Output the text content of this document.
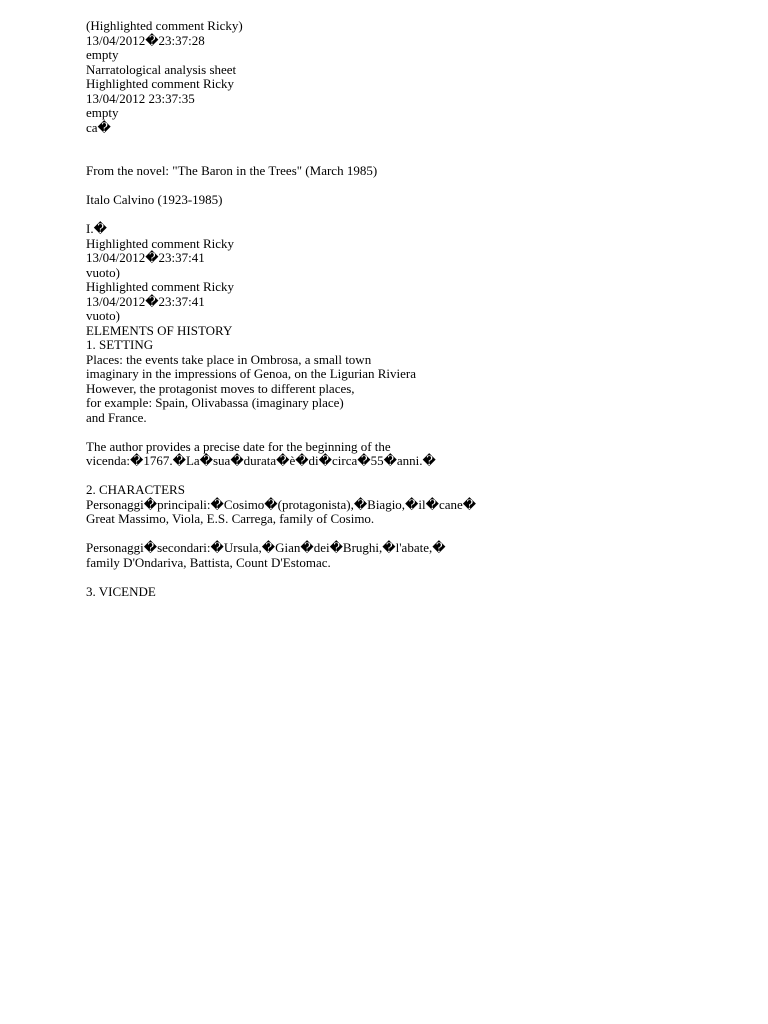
(Highlighted comment Ricky)
13/04/2012�23:37:28
empty
Narratological analysis sheet
Highlighted comment Ricky
13/04/2012 23:37:35
empty
ca�
From the novel: "The Baron in the Trees" (March 1985)
Italo Calvino (1923-1985)
I.�
Highlighted comment Ricky
13/04/2012�23:37:41
vuoto)
Highlighted comment Ricky
13/04/2012�23:37:41
vuoto)
ELEMENTS OF HISTORY
1. SETTING
Places: the events take place in Ombrosa, a small town
imaginary in the impressions of Genoa, on the Ligurian Riviera
However, the protagonist moves to different places,
for example: Spain, Olivabassa (imaginary place)
and France.
The author provides a precise date for the beginning of the
vicenda:�1767.�La�sua�durata�è�di�circa�55�anni.�
2. CHARACTERS
Personaggi�principali:�Cosimo�(protagonista),�Biagio,�il�cane�
Great Massimo, Viola, E.S. Carrega, family of Cosimo.
Personaggi�secondari:�Ursula,�Gian�dei�Brughi,�l'abate,�
family D'Ondariva, Battista, Count D'Estomac.
3. VICENDE
